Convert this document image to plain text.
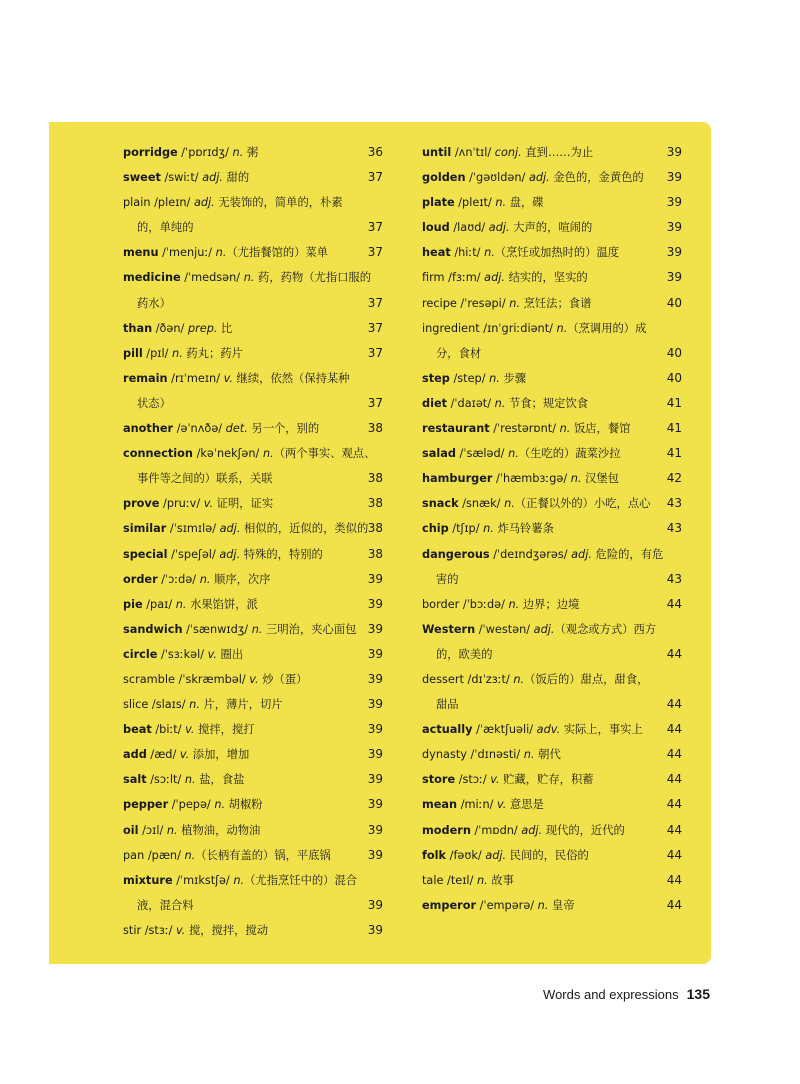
porridge /ˈpɒrɪdʒ/ n. 粥	36
sweet /swiːt/ adj. 甜的	37
plain /pleɪn/ adj. 无装饰的，简单的，朴素
的，单纯的	37
menu /ˈmenjuː/ n.（尤指餐馆的）菜单	37
medicine /ˈmedsən/ n. 药，药物（尤指口服的
药水）	37
than /ðən/ prep. 比	37
pill /pɪl/ n. 药丸；药片	37
remain /rɪˈmeɪn/ v. 继续，依然（保持某种
状态）	37
another /əˈnʌðə/ det. 另一个，别的	38
connection /kəˈnekʃən/ n.（两个事实、观点、
事件等之间的）联系，关联	38
prove /pruːv/ v. 证明，证实	38
similar /ˈsɪmɪlə/ adj. 相似的，近似的，类似的 38
special /ˈspeʃəl/ adj. 特殊的，特别的	38
order /ˈɔːdə/ n. 顺序，次序	39
pie /paɪ/ n. 水果馅饼，派	39
sandwich /ˈsænwɪdʒ/ n. 三明治，夹心面包 39
circle /ˈsɜːkəl/ v. 圈出	39
scramble /ˈskræmbəl/ v. 炒（蛋）	39
slice /slaɪs/ n. 片，薄片，切片	39
beat /biːt/ v. 搅拌，搅打	39
add /æd/ v. 添加，增加	39
salt /sɔːlt/ n. 盐，食盐	39
pepper /ˈpepə/ n. 胡椒粉	39
oil /ɔɪl/ n. 植物油，动物油	39
pan /pæn/ n.（长柄有盖的）锅，平底锅	39
mixture /ˈmɪkstʃə/ n.（尤指烹饪中的）混合
液，混合料	39
stir /stɜː/ v. 搅，搅拌，搅动	39
until /ʌnˈtɪl/ conj. 直到……为止	39
golden /ˈgəʊldən/ adj. 金色的，金黄色的 39
plate /pleɪt/ n. 盘，碟	39
loud /laʊd/ adj. 大声的，喧闹的	39
heat /hiːt/ n.（烹饪或加热时的）温度	39
firm /fɜːm/ adj. 结实的，坚实的	39
recipe /ˈresəpi/ n. 烹饪法；食谱	40
ingredient /ɪnˈgriːdiənt/ n.（烹调用的）成
分，食材	40
step /step/ n. 步骤	40
diet /ˈdaɪət/ n. 节食；规定饮食	41
restaurant /ˈrestərɒnt/ n. 饭店，餐馆	41
salad /ˈsæləd/ n.（生吃的）蔬菜沙拉	41
hamburger /ˈhæmbɜːgə/ n. 汉堡包	42
snack /snæk/ n.（正餐以外的）小吃，点心 43
chip /tʃɪp/ n. 炸马铃薯条	43
dangerous /ˈdeɪndʒərəs/ adj. 危险的，有危
害的	43
border /ˈbɔːdə/ n. 边界；边境	44
Western /ˈwestən/ adj.（观念或方式）西方
的，欧美的	44
dessert /dɪˈzɜːt/ n.（饭后的）甜点，甜食，
甜品	44
actually /ˈæktʃuəli/ adv. 实际上，事实上 44
dynasty /ˈdɪnəsti/ n. 朝代	44
store /stɔː/ v. 贮藏，贮存，积蓄	44
mean /miːn/ v. 意思是	44
modern /ˈmɒdn/ adj. 现代的，近代的	44
folk /fəʊk/ adj. 民间的，民俗的	44
tale /teɪl/ n. 故事	44
emperor /ˈempərə/ n. 皇帝	44
Words and expressions 135
